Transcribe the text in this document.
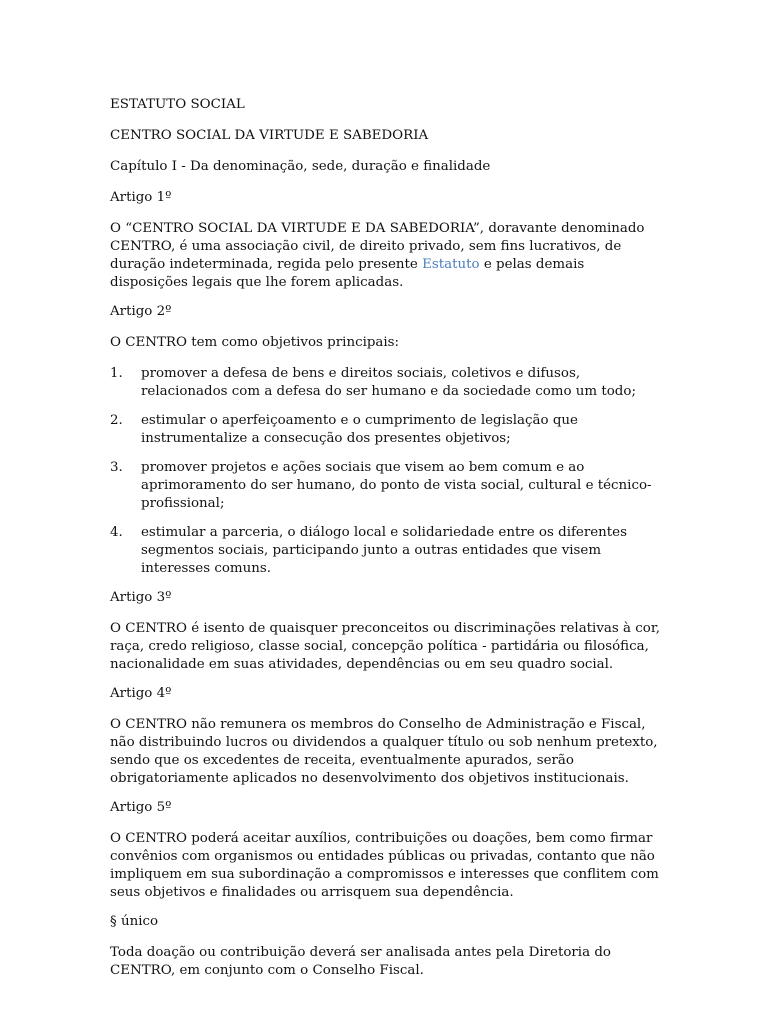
ESTATUTO SOCIAL

CENTRO SOCIAL DA VIRTUDE E SABEDORIA

Capítulo I - Da denominação, sede, duração e finalidade

Artigo 1º

O “CENTRO SOCIAL DA VIRTUDE E DA SABEDORIA”, doravante denominado CENTRO, é uma associação civil, de direito privado, sem fins lucrativos, de duração indeterminada, regida pelo presente Estatuto e pelas demais disposições legais que lhe forem aplicadas.

Artigo 2º

O CENTRO tem como objetivos principais:

1. promover a defesa de bens e direitos sociais, coletivos e difusos, relacionados com a defesa do ser humano e da sociedade como um todo;
2. estimular o aperfeiçoamento e o cumprimento de legislação que instrumentalize a consecução dos presentes objetivos;
3. promover projetos e ações sociais que visem ao bem comum e ao aprimoramento do ser humano, do ponto de vista social, cultural e técnico-profissional;
4. estimular a parceria, o diálogo local e solidariedade entre os diferentes segmentos sociais, participando junto a outras entidades que visem interesses comuns.

Artigo 3º

O CENTRO é isento de quaisquer preconceitos ou discriminações relativas à cor, raça, credo religioso, classe social, concepção política - partidária ou filosófica, nacionalidade em suas atividades, dependências ou em seu quadro social.

Artigo 4º

O CENTRO não remunera os membros do Conselho de Administração e Fiscal, não distribuindo lucros ou dividendos a qualquer título ou sob nenhum pretexto, sendo que os excedentes de receita, eventualmente apurados, serão obrigatoriamente aplicados no desenvolvimento dos objetivos institucionais.

Artigo 5º

O CENTRO poderá aceitar auxílios, contribuições ou doações, bem como firmar convênios com organismos ou entidades públicas ou privadas, contanto que não impliquem em sua subordinação a compromissos e interesses que conflitem com seus objetivos e finalidades ou arrisquem sua dependência.

§ único

Toda doação ou contribuição deverá ser analisada antes pela Diretoria do CENTRO, em conjunto com o Conselho Fiscal.
